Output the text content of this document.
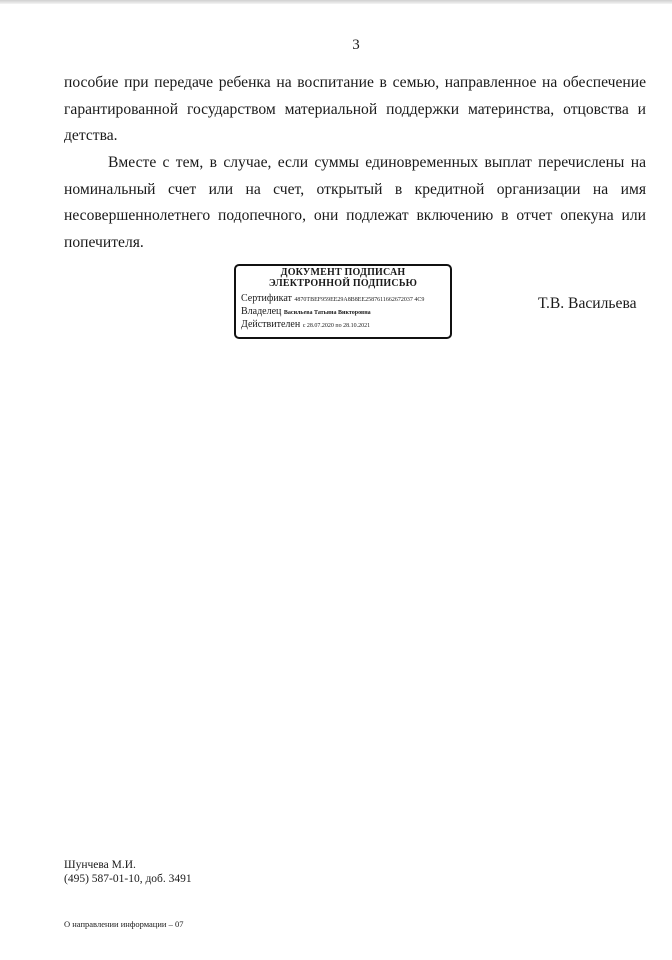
3

пособие при передаче ребенка на воспитание в семью, направленное на обеспечение гарантированной государством материальной поддержки материнства, отцовства и детства.

Вместе с тем, в случае, если суммы единовременных выплат перечислены на номинальный счет или на счет, открытый в кредитной организации на имя несовершеннолетнего подопечного, они подлежат включению в отчет опекуна или попечителя.

ДОКУМЕНТ ПОДПИСАН
ЭЛЕКТРОННОЙ ПОДПИСЬЮ
Сертификат 4870TBEF959EE29A8B8EE2587611662672037 4C9
Владелец Васильева Татьяна Викторовна
Действителен с 28.07.2020 по 28.10.2021
Т.В. Васильева
Шунчева М.И.
(495) 587-01-10, доб. 3491
О направлении информации – 07
